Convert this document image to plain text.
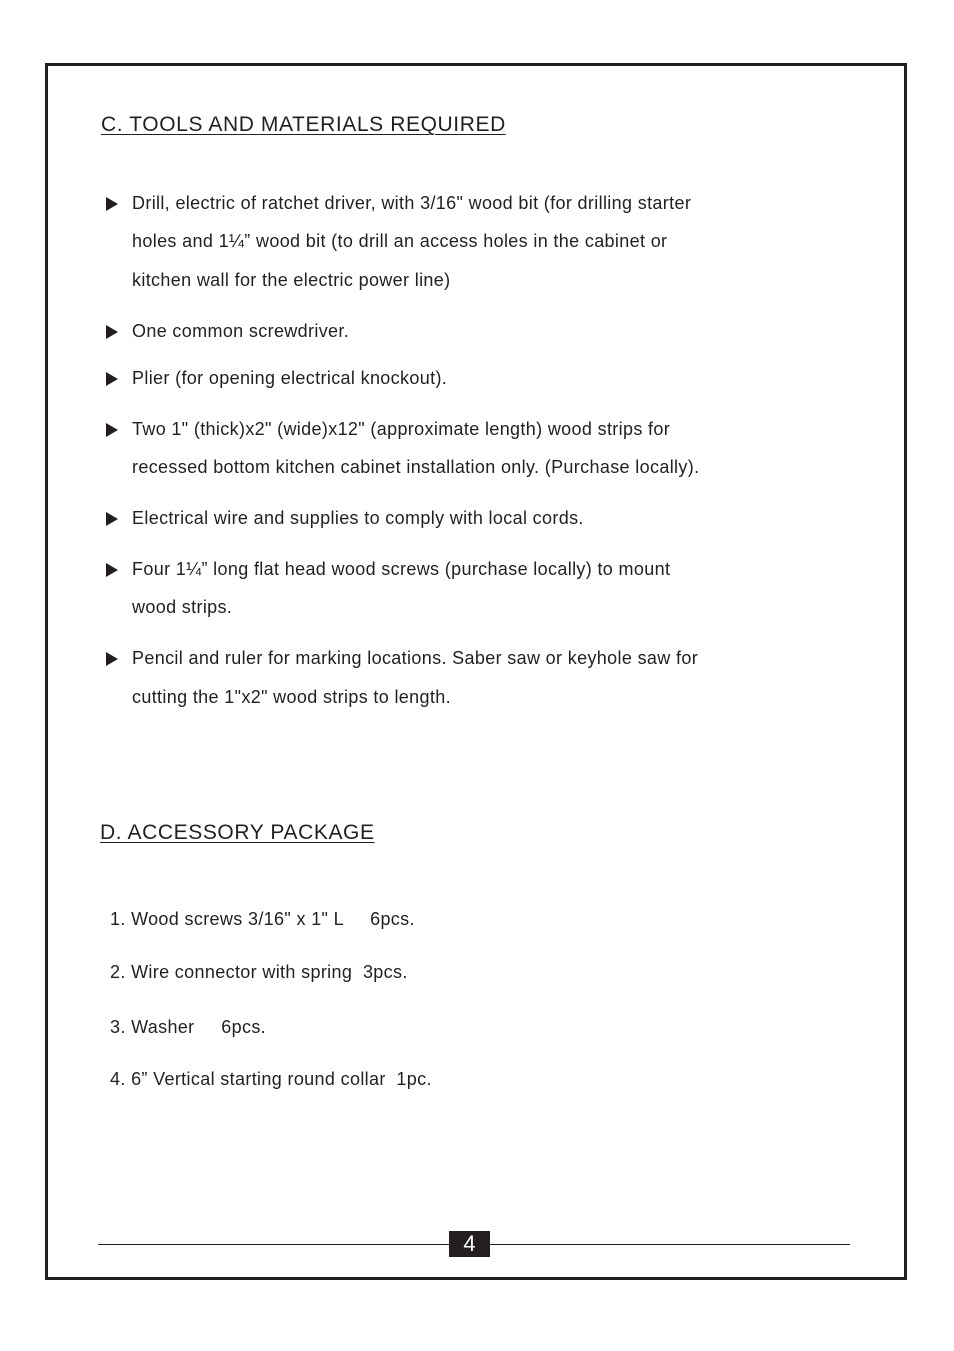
C. TOOLS AND MATERIALS REQUIRED
Drill, electric of ratchet driver, with 3/16" wood bit (for drilling starter
holes and 1¼” wood bit (to drill an access holes in the cabinet or
kitchen wall for the electric power line)
One common screwdriver.
Plier (for opening electrical knockout).
Two 1" (thick)x2" (wide)x12" (approximate length) wood strips for
recessed bottom kitchen cabinet installation only. (Purchase locally).
Electrical wire and supplies to comply with local cords.
Four 1¼” long flat head wood screws (purchase locally) to mount
wood strips.
Pencil and ruler for marking locations. Saber saw or keyhole saw for
cutting the 1"x2" wood strips to length.
D. ACCESSORY PACKAGE
1. Wood screws 3/16" x 1" L     6pcs.
2. Wire connector with spring  3pcs.
3. Washer     6pcs.
4. 6” Vertical starting round collar  1pc.
4
